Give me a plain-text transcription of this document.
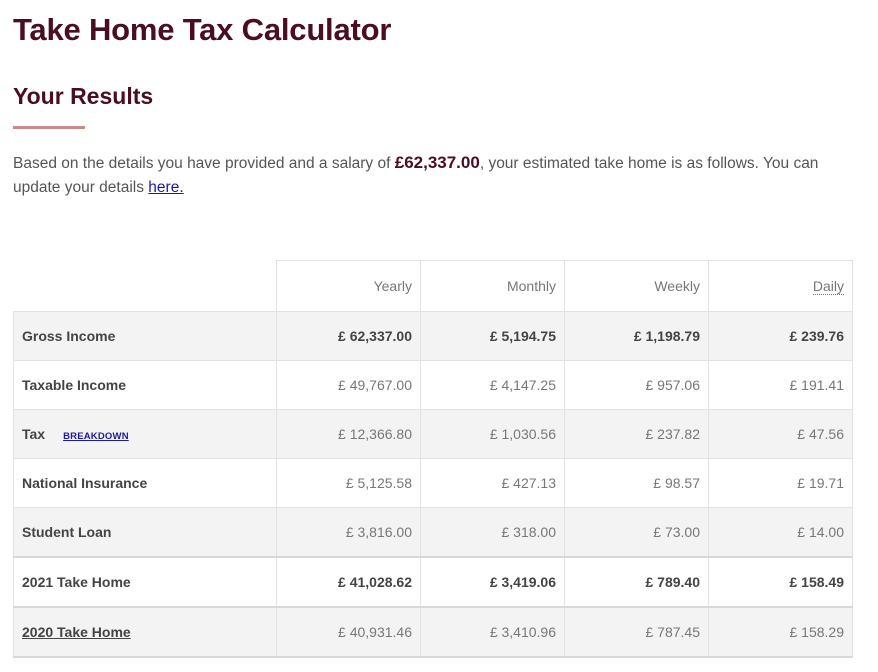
Take Home Tax Calculator
Your Results

Based on the details you have provided and a salary of £62,337.00, your estimated take home is as follows. You can update your details here.

	Yearly	Monthly	Weekly	Daily
Gross Income	£ 62,337.00	£ 5,194.75	£ 1,198.79	£ 239.76
Taxable Income	£ 49,767.00	£ 4,147.25	£ 957.06	£ 191.41
Tax BREAKDOWN	£ 12,366.80	£ 1,030.56	£ 237.82	£ 47.56
National Insurance	£ 5,125.58	£ 427.13	£ 98.57	£ 19.71
Student Loan	£ 3,816.00	£ 318.00	£ 73.00	£ 14.00
2021 Take Home	£ 41,028.62	£ 3,419.06	£ 789.40	£ 158.49
2020 Take Home	£ 40,931.46	£ 3,410.96	£ 787.45	£ 158.29
